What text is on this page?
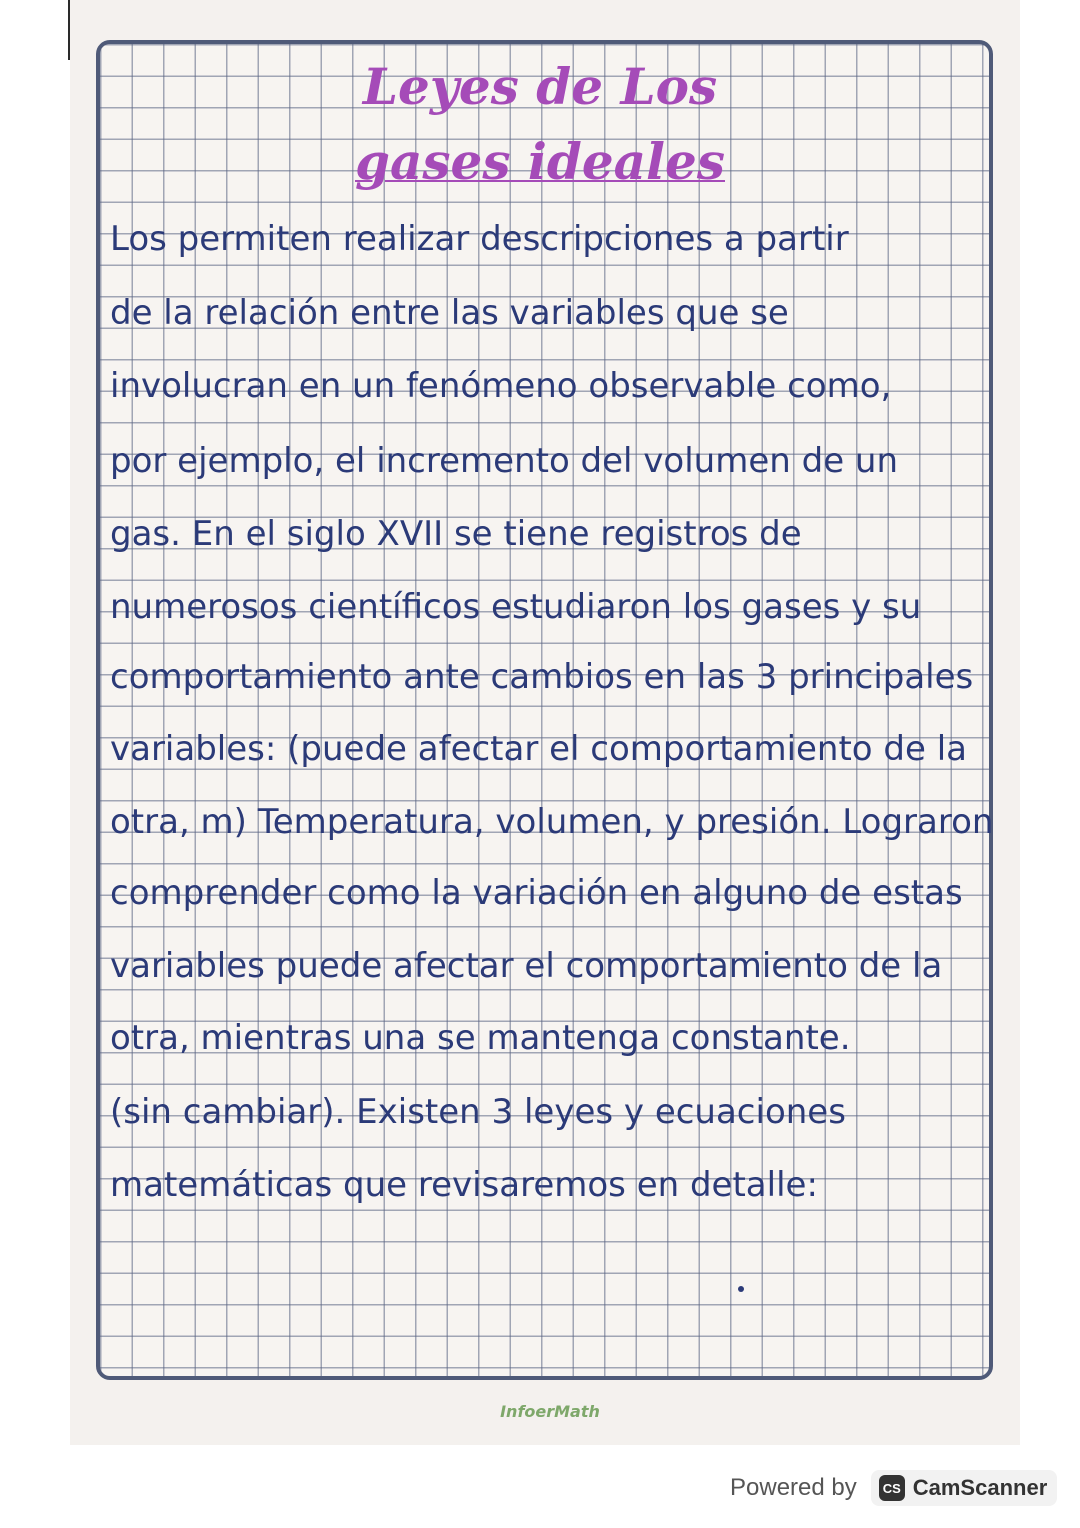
Leyes de Los
gases ideales

Los permiten realizar descripciones a partir

de la relación entre las variables que se

involucran en un fenómeno observable como,

por ejemplo, el incremento del volumen de un

gas. En el siglo XVII se tiene registros de

numerosos científicos estudiaron los gases y su

comportamiento ante cambios en las 3 principales

variables: (puede afectar el comportamiento de la

otra, m) Temperatura, volumen, y presión. Lograron

comprender como la variación en alguno de estas

variables puede afectar el comportamiento de la

otra, mientras una se mantenga constante.

(sin cambiar). Existen 3 leyes y ecuaciones

matemáticas que revisaremos en detalle:

InfoerMath
Powered by	CS CamScanner
